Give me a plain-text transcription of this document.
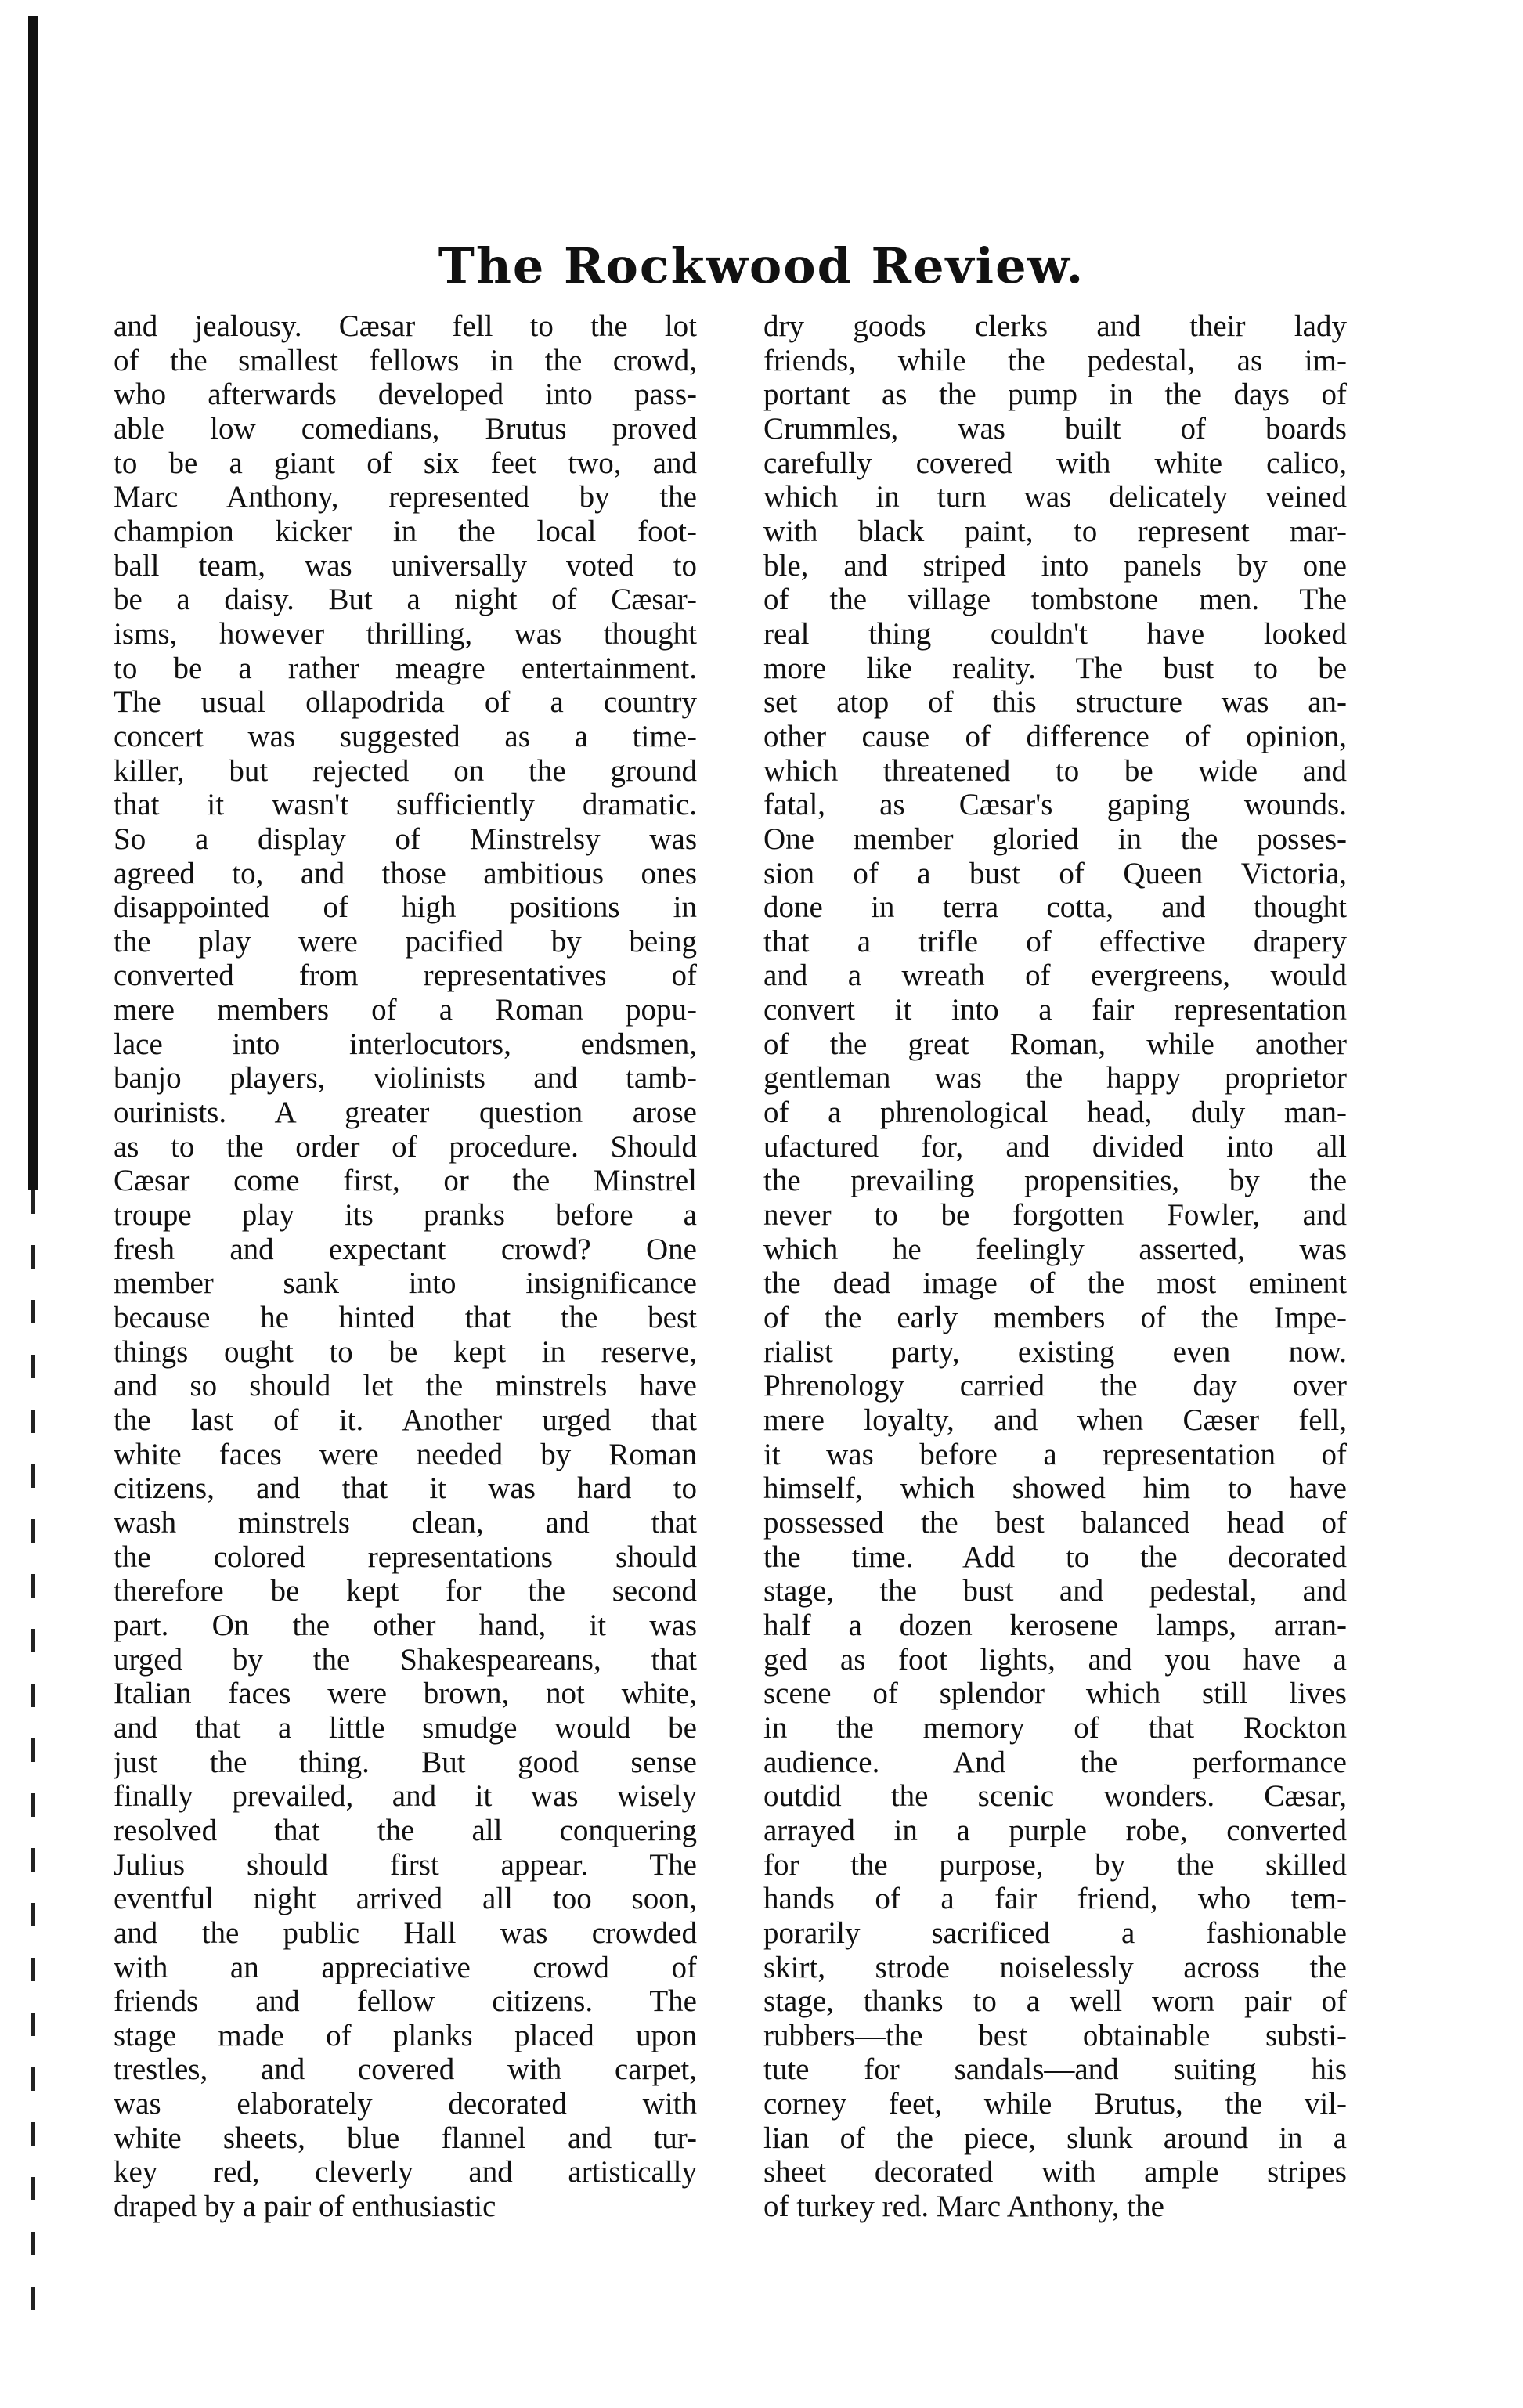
The Rockwood Review.
and jealousy. Cæsar fell to the lot
of the smallest fellows in the crowd,
who afterwards developed into pass-
able low comedians, Brutus proved
to be a giant of six feet two, and
Marc Anthony, represented by the
champion kicker in the local foot-
ball team, was universally voted to
be a daisy. But a night of Cæsar-
isms, however thrilling, was thought
to be a rather meagre entertainment.
The usual ollapodrida of a country
concert was suggested as a time-
killer, but rejected on the ground
that it wasn't sufficiently dramatic.
So a display of Minstrelsy was
agreed to, and those ambitious ones
disappointed of high positions in
the play were pacified by being
converted from representatives of
mere members of a Roman popu-
lace into interlocutors, endsmen,
banjo players, violinists and tamb-
ourinists. A greater question arose
as to the order of procedure. Should
Cæsar come first, or the Minstrel
troupe play its pranks before a
fresh and expectant crowd? One
member sank into insignificance
because he hinted that the best
things ought to be kept in reserve,
and so should let the minstrels have
the last of it. Another urged that
white faces were needed by Roman
citizens, and that it was hard to
wash minstrels clean, and that
the colored representations should
therefore be kept for the second
part. On the other hand, it was
urged by the Shakespeareans, that
Italian faces were brown, not white,
and that a little smudge would be
just the thing. But good sense
finally prevailed, and it was wisely
resolved that the all conquering
Julius should first appear. The
eventful night arrived all too soon,
and the public Hall was crowded
with an appreciative crowd of
friends and fellow citizens. The
stage made of planks placed upon
trestles, and covered with carpet,
was elaborately decorated with
white sheets, blue flannel and tur-
key red, cleverly and artistically
draped by a pair of enthusiastic
dry goods clerks and their lady
friends, while the pedestal, as im-
portant as the pump in the days of
Crummles, was built of boards
carefully covered with white calico,
which in turn was delicately veined
with black paint, to represent mar-
ble, and striped into panels by one
of the village tombstone men. The
real thing couldn't have looked
more like reality. The bust to be
set atop of this structure was an-
other cause of difference of opinion,
which threatened to be wide and
fatal, as Cæsar's gaping wounds.
One member gloried in the posses-
sion of a bust of Queen Victoria,
done in terra cotta, and thought
that a trifle of effective drapery
and a wreath of evergreens, would
convert it into a fair representation
of the great Roman, while another
gentleman was the happy proprietor
of a phrenological head, duly man-
ufactured for, and divided into all
the prevailing propensities, by the
never to be forgotten Fowler, and
which he feelingly asserted, was
the dead image of the most eminent
of the early members of the Impe-
rialist party, existing even now.
Phrenology carried the day over
mere loyalty, and when Cæser fell,
it was before a representation of
himself, which showed him to have
possessed the best balanced head of
the time. Add to the decorated
stage, the bust and pedestal, and
half a dozen kerosene lamps, arran-
ged as foot lights, and you have a
scene of splendor which still lives
in the memory of that Rockton
audience. And the performance
outdid the scenic wonders. Cæsar,
arrayed in a purple robe, converted
for the purpose, by the skilled
hands of a fair friend, who tem-
porarily sacrificed a fashionable
skirt, strode noiselessly across the
stage, thanks to a well worn pair of
rubbers—the best obtainable substi-
tute for sandals—and suiting his
corney feet, while Brutus, the vil-
lian of the piece, slunk around in a
sheet decorated with ample stripes
of turkey red. Marc Anthony, the
